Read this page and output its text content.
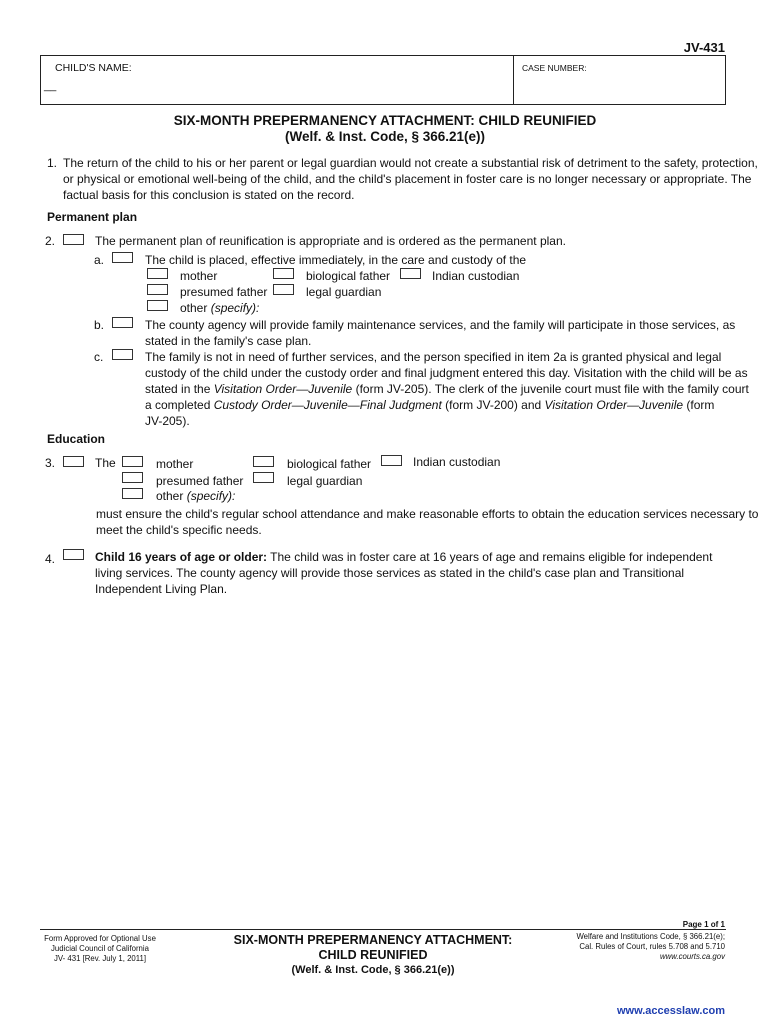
JV-431
CHILD'S NAME:
__
CASE NUMBER:
SIX-MONTH PREPERMANENCY ATTACHMENT: CHILD REUNIFIED
(Welf. & Inst. Code, § 366.21(e))
1. The return of the child to his or her parent or legal guardian would not create a substantial risk of detriment to the safety, protection,
or physical or emotional well-being of the child, and the child's placement in foster care is no longer necessary or appropriate. The
factual basis for this conclusion is stated on the record.
Permanent plan
2.	The permanent plan of reunification is appropriate and is ordered as the permanent plan.
a.	The child is placed, effective immediately, in the care and custody of the
mother	biological father	Indian custodian
presumed father	legal guardian
other (specify):
b.	The county agency will provide family maintenance services, and the family will participate in those services, as
stated in the family's case plan.
c.	The family is not in need of further services, and the person specified in item 2a is granted physical and legal
custody of the child under the custody order and final judgment entered this day. Visitation with the child will be as
stated in the Visitation Order—Juvenile (form JV-205). The clerk of the juvenile court must file with the family court
a completed Custody Order—Juvenile—Final Judgment (form JV-200) and Visitation Order—Juvenile (form
JV-205).
Education
3.	The	mother	biological father	Indian custodian
presumed father	legal guardian
other (specify):
must ensure the child's regular school attendance and make reasonable efforts to obtain the education services necessary to
meet the child's specific needs.
4.	Child 16 years of age or older: The child was in foster care at 16 years of age and remains eligible for independent
living services. The county agency will provide those services as stated in the child's case plan and Transitional
Independent Living Plan.
Page 1 of 1
Form Approved for Optional Use
Judicial Council of California
JV- 431 [Rev. July 1, 2011]
SIX-MONTH PREPERMANENCY ATTACHMENT:
CHILD REUNIFIED
(Welf. & Inst. Code, § 366.21(e))
Welfare and Institutions Code, § 366.21(e);
Cal. Rules of Court, rules 5.708 and 5.710
www.courts.ca.gov
www.accesslaw.com
